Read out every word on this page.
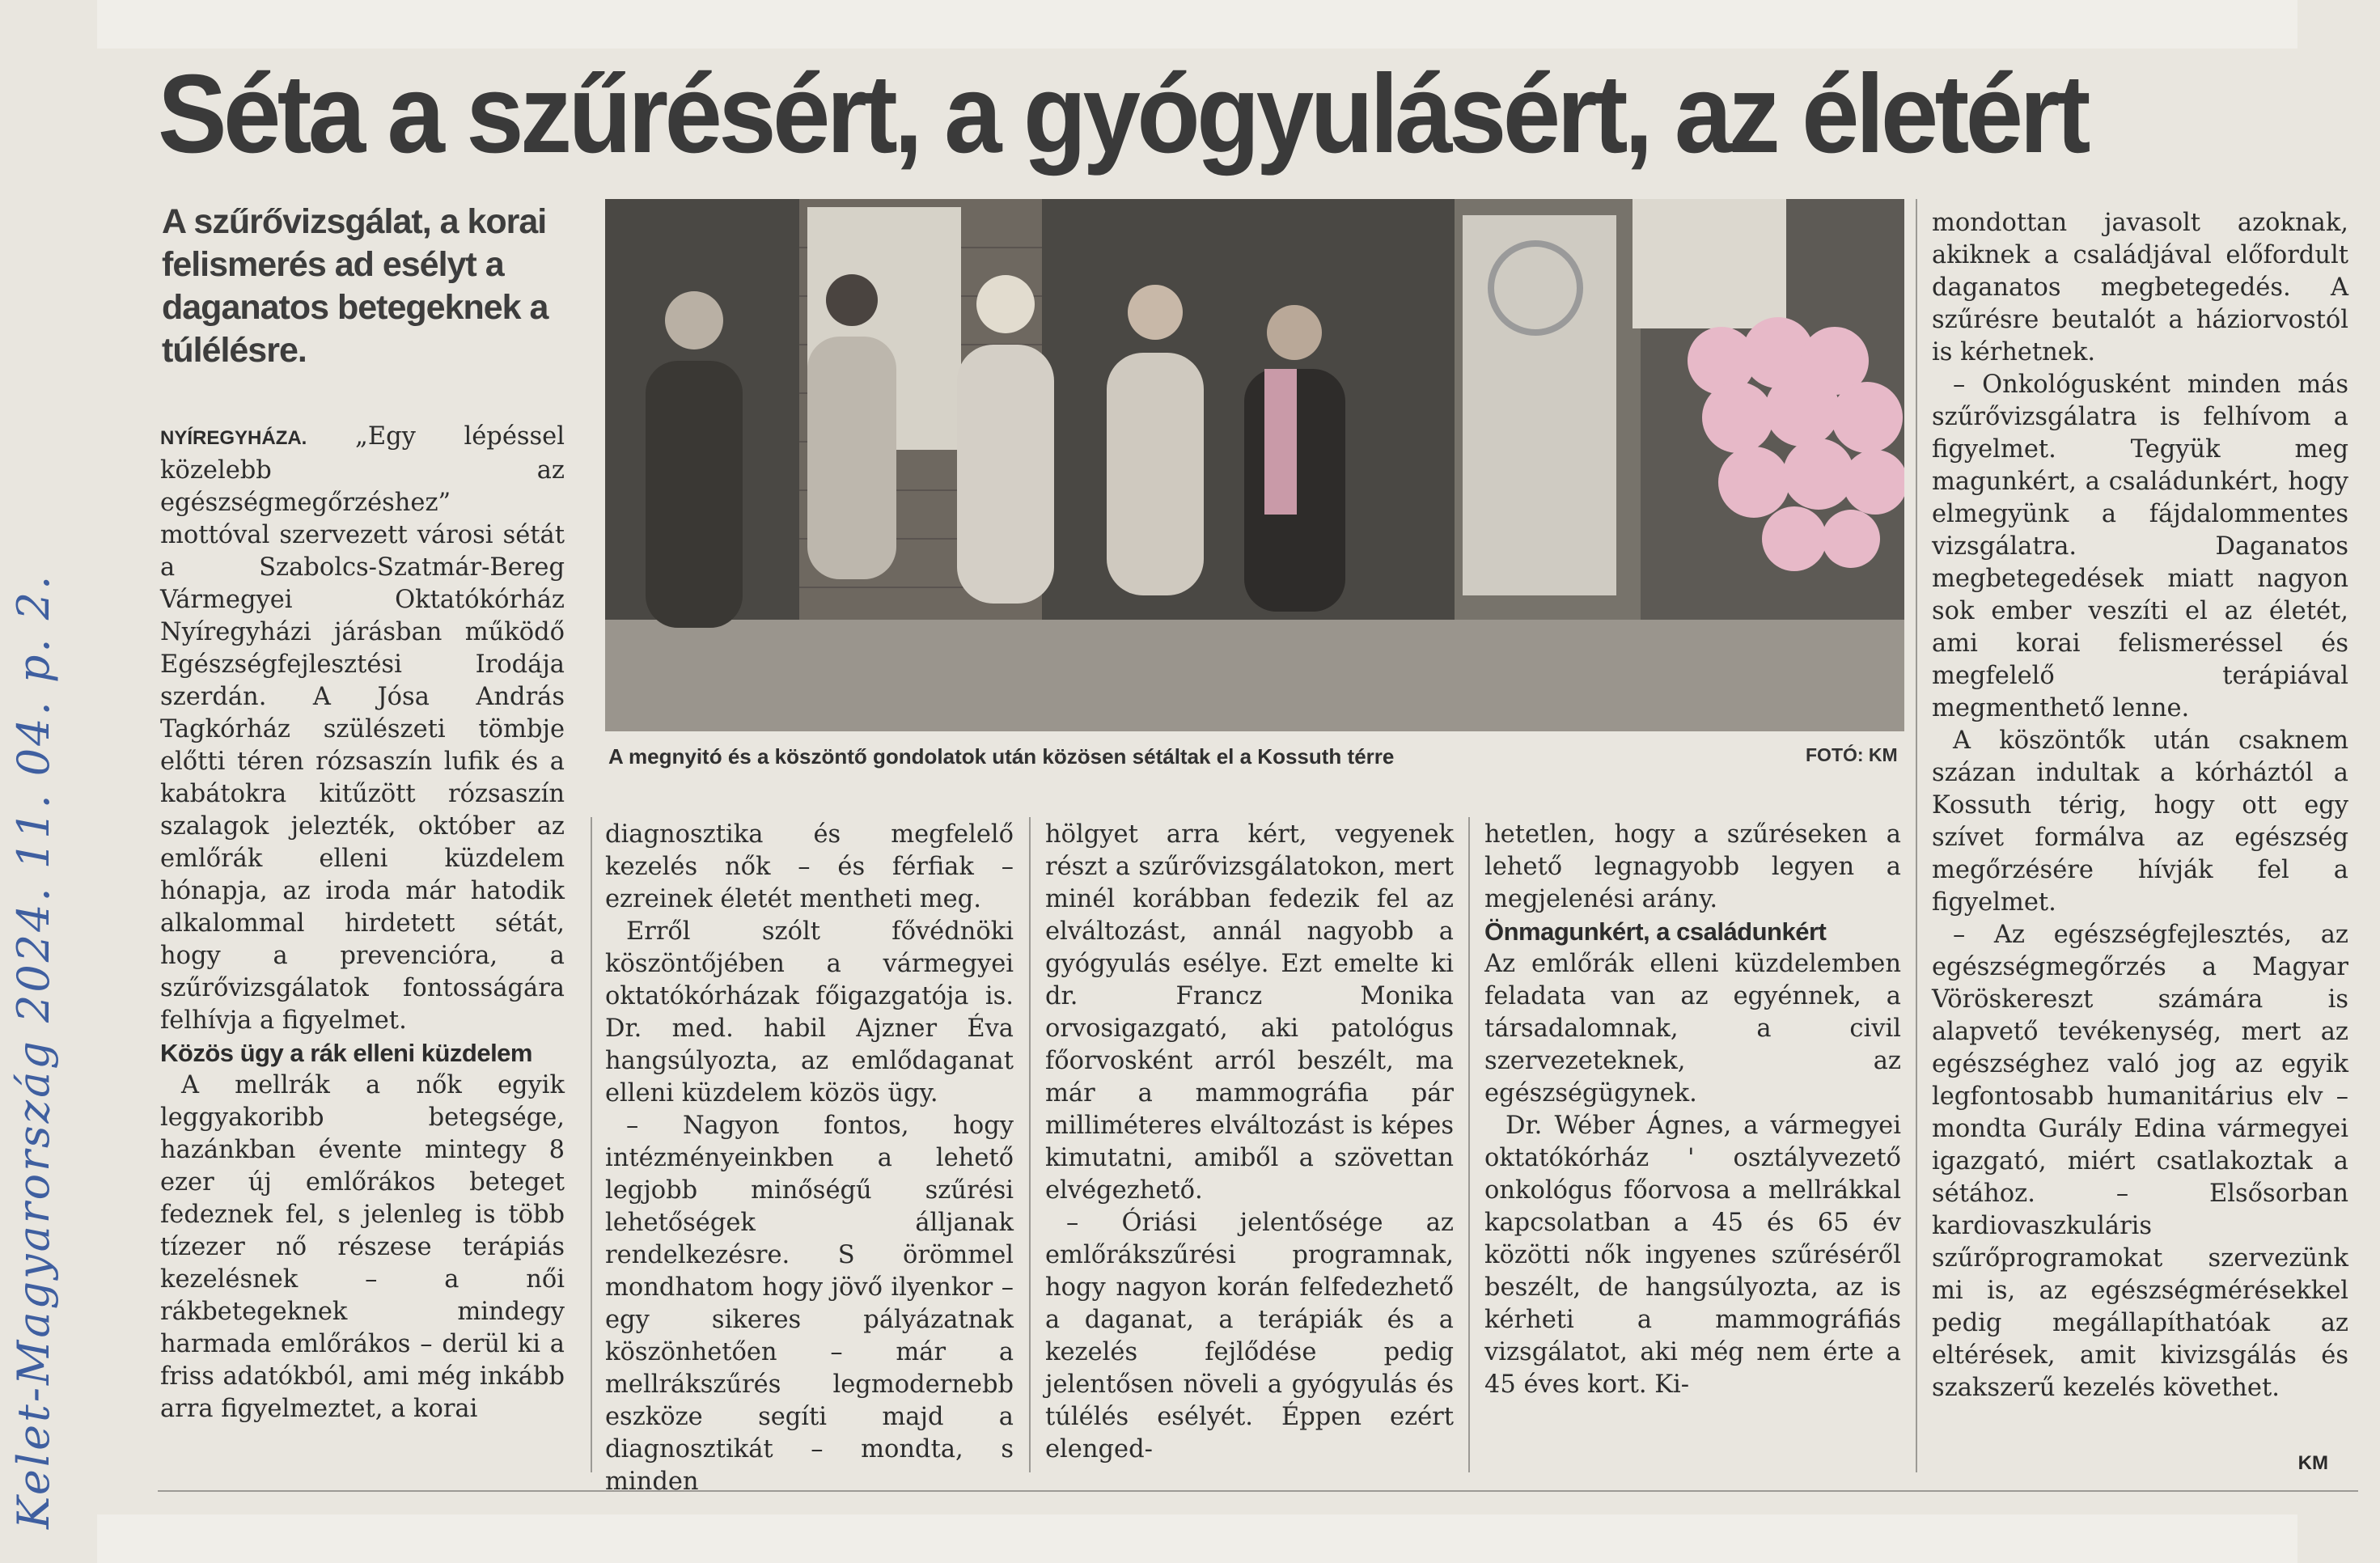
Kelet-Magyarország 2024. 11. 04. p. 2.
Séta a szűrésért, a gyógyulásért, az életért
A szűrővizsgálat, a korai felismerés ad esélyt a daganatos betegeknek a túlélésre.
A megnyitó és a köszöntő gondolatok után közösen sétáltak el a Kossuth térre	FOTÓ: KM

NYÍREGYHÁZA. „Egy lépéssel közelebb az egészségmegőrzéshez” mottóval szervezett városi sétát a Szabolcs-Szatmár-Bereg Vármegyei Oktatókórház Nyíregyházi járásban működő Egészségfejlesztési Irodája szerdán. A Jósa András Tagkórház szülészeti tömbje előtti téren rózsaszín lufik és a kabátokra kitűzött rózsaszín szalagok jelezték, október az emlőrák elleni küzdelem hónapja, az iroda már hatodik alkalommal hirdetett sétát, hogy a prevencióra, a szűrővizsgálatok fontosságára felhívja a figyelmet.

Közös ügy a rák elleni küzdelem

A mellrák a nők egyik leggyakoribb betegsége, hazánkban évente mintegy 8 ezer új emlőrákos beteget fedeznek fel, s jelenleg is több tízezer nő részese terápiás kezelésnek – a női rákbetegeknek mindegy harmada emlőrákos – derül ki a friss adatókból, ami még inkább arra figyelmeztet, a korai

diagnosztika és megfelelő kezelés nők – és férfiak – ezreinek életét mentheti meg.

Erről szólt fővédnöki köszöntőjében a vármegyei oktatókórházak főigazgatója is. Dr. med. habil Ajzner Éva hangsúlyozta, az emlődaganat elleni küzdelem közös ügy.

– Nagyon fontos, hogy intézményeinkben a lehető legjobb minőségű szűrési lehetőségek álljanak rendelkezésre. S örömmel mondhatom hogy jövő ilyenkor – egy sikeres pályázatnak köszönhetően – már a mellrákszűrés legmodernebb eszköze segíti majd a diagnosztikát – mondta, s minden

hölgyet arra kért, vegyenek részt a szűrővizsgálatokon, mert minél korábban fedezik fel az elváltozást, annál nagyobb a gyógyulás esélye. Ezt emelte ki dr. Francz Monika orvosigazgató, aki patológus főorvosként arról beszélt, ma már a mammográfia pár milliméteres elváltozást is képes kimutatni, amiből a szövettan elvégezhető.

– Óriási jelentősége az emlőrákszűrési programnak, hogy nagyon korán felfedezhető a daganat, a terápiák és a kezelés fejlődése pedig jelentősen növeli a gyógyulás és túlélés esélyét. Éppen ezért elenged-

hetetlen, hogy a szűréseken a lehető legnagyobb legyen a megjelenési arány.

Önmagunkért, a családunkért

Az emlőrák elleni küzdelemben feladata van az egyénnek, a társadalomnak, a civil szervezeteknek, az egészségügynek.

Dr. Wéber Ágnes, a vármegyei oktatókórház ' osztályvezető onkológus főorvosa a mellrákkal kapcsolatban a 45 és 65 év közötti nők ingyenes szűréséről beszélt, de hangsúlyozta, az is kérheti a mammográfiás vizsgálatot, aki még nem érte a 45 éves kort. Ki-

mondottan javasolt azoknak, akiknek a családjával előfordult daganatos megbetegedés. A szűrésre beutalót a háziorvostól is kérhetnek.

– Onkológusként minden más szűrővizsgálatra is felhívom a figyelmet. Tegyük meg magunkért, a családunkért, hogy elmegyünk a fájdalommentes vizsgálatra. Daganatos megbetegedések miatt nagyon sok ember veszíti el az életét, ami korai felismeréssel és megfelelő terápiával megmenthető lenne.

A köszöntők után csaknem százan indultak a kórháztól a Kossuth térig, hogy ott egy szívet formálva az egészség megőrzésére hívják fel a figyelmet.

– Az egészségfejlesztés, az egészségmegőrzés a Magyar Vöröskereszt számára is alapvető tevékenység, mert az egészséghez való jog az egyik legfontosabb humanitárius elv – mondta Gurály Edina vármegyei igazgató, miért csatlakoztak a sétához. – Elsősorban kardiovaszkuláris szűrőprogramokat szervezünk mi is, az egészségmérésekkel pedig megállapíthatóak az eltérések, amit kivizsgálás és szakszerű kezelés követhet.

KM
